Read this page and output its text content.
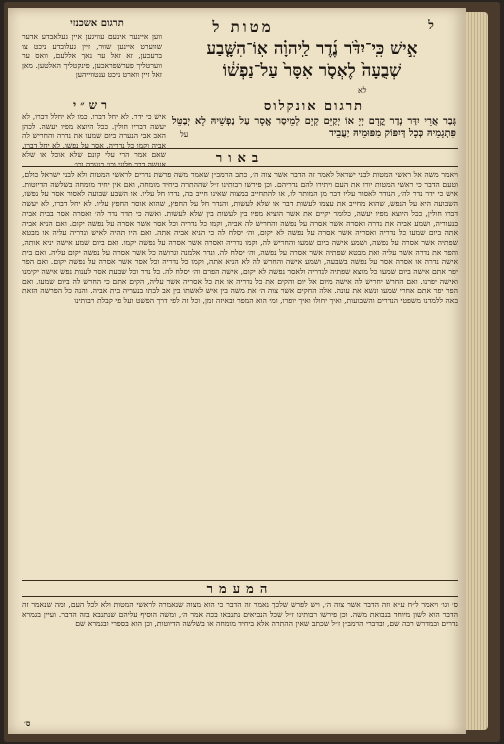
תרגום אשכנזי	מטות ל	ל
ווען איינער אינעם עוויגען איין געלאבדע אדער שווערט איינען שווּר, זיין געלובדע ניכט צו ברעכען, זא זאל ער נאך אללעם, וואס ער ווערטליך פערשפראכען, פינקטליך האלטען. מאן זאל זיין ווארט ניכט ענטווייהען
אִ֣ישׁ כִּֽי־יִדֹּ֨ר נֶ֜דֶר לַֽיהוָ֗ה אֽוֹ־הִשָּׁ֤בַע
שְׁבֻעָה֙ לֶאְסֹ֤ר אִסָּר֙ עַל־נַפְשׁ֔וֹ
לא
רש״י
איש כי ידר. לא יחל דברו. כמו לא יחלל דברו, לא יעשה דבריו חולין. ככל היוצא מפיו יעשה. לכהן האב אבי הנערה ביום שמעו את נדרה והחריש לה אביה וקמו כל נדריה. אסר על נפשו, לא יחל דברו, שאם אמר הרי עלי קונם שלא אוכל או שלא אעשה דבר פלוני וכו׳ בנערה וכו׳
תרגום אונקלוס
גְּבַר אֲרֵי יִדַּר נְדַר קֳדָם יְיָ אוֹ יְקַיֵּם קְיָם לְמֵיסַר אֱסָר עַל נַפְשֵׁיהּ לָא יְבַטֵּל פִּתְגָמֵיהּ כְּכָל דְּיִפּוֹק מִפּוּמֵיהּ יַעֲבֵיד
על
באור
ויאמר משה אל ראשי המטות לבני ישראל לאמר זה הדבר אשר צוה ה׳, כתב הרמב״ן שאמר משה פרשת נדרים לראשי המטות ולא לבני ישראל כולם, וטעם הדבר כי ראשי המטות יורו את העם ויתירו להם נדריהם. וכן פירשו רבותינו ז״ל שההתרה ביחיד מומחה, ואם אין יחיד מומחה בשלשה הדיוטות. איש כי ידר נדר לה׳, הנודר לאסור עליו דבר מן המותר לו, או להתחייב במצוה שאינו חייב בה, נדרו חל עליו. או השבע שבועה לאסור אסר על נפשו, השבועה היא על הנפש, שהוא מחייב את עצמו לעשות דבר או שלא לעשות, והנדר חל על החפץ, שהוא אוסר החפץ עליו. לא יחל דברו, לא יעשה דברו חולין, ככל היוצא מפיו יעשה, כלומר יקיים את אשר הוציא מפיו בין לעשות בין שלא לעשות. ואשה כי תדר נדר לה׳ ואסרה אסר בבית אביה בנעוריה, ושמע אביה את נדרה ואסרה אשר אסרה על נפשה והחריש לה אביה, וקמו כל נדריה וכל אסר אשר אסרה על נפשה יקום. ואם הניא אביה אתה ביום שמעו כל נדריה ואסריה אשר אסרה על נפשה לא יקום, וה׳ יסלח לה כי הניא אביה אתה. ואם היו תהיה לאיש ונדריה עליה או מבטא שפתיה אשר אסרה על נפשה, ושמע אישה ביום שמעו והחריש לה, וקמו נדריה ואסרה אשר אסרה על נפשה יקמו. ואם ביום שמע אישה יניא אותה, והפר את נדרה אשר עליה ואת מבטא שפתיה אשר אסרה על נפשה, וה׳ יסלח לה. ונדר אלמנה וגרושה כל אשר אסרה על נפשה יקום עליה. ואם בית אישה נדרה או אסרה אסר על נפשה בשבעה, ושמע אישה והחרש לה לא הניא אתה, וקמו כל נדריה וכל אסר אשר אסרה על נפשה יקום. ואם הפר יפר אתם אישה ביום שמעו כל מוצא שפתיה לנדריה ולאסר נפשה לא יקום, אישה הפרם וה׳ יסלח לה. כל נדר וכל שבעת אסר לענות נפש אישה יקימנו ואישה יפרנו. ואם החרש יחריש לה אישה מיום אל יום והקים את כל נדריה או את כל אסריה אשר עליה, הקים אתם כי החרש לה ביום שמעו. ואם הפר יפר אתם אחרי שמעו ונשא את עונה. אלה החקים אשר צוה ה׳ את משה בין איש לאשתו בין אב לבתו בנעריה בית אביה. והנה כל הפרשה הזאת באה ללמדנו משפטי הנדרים והשבועות, ואיך יחולו ואיך יופרו, ומי הוא המפר ובאיזה זמן, וכל זה לפי דרך הפשט ועל פי קבלת רבותינו
המעמר
ס׳ וגו׳ ויאמר ל״ח ע״א וזה הדבר אשר צוה ה׳, ויש לפרש שלכך נאמר זה הדבר כי הוא מצוה שנאמרה לראשי המטות ולא לכל העם, ומה שנאמר זה הדבר הוא לשון מיוחד בנבואת משה. וכן פירשו רבותינו ז״ל שכל הנביאים נתנבאו בכה אמר ה׳, ומשה הוסיף עליהם שנתנבא בזה הדבר. ועיין בגמרא נדרים ובמדרש רבה שם, ובדברי הרמב״ן ז״ל שכתב שאין ההתרה אלא ביחיד מומחה או בשלשה הדיוטות, וכן הוא בספרי ובגמרא שם
ס׳
